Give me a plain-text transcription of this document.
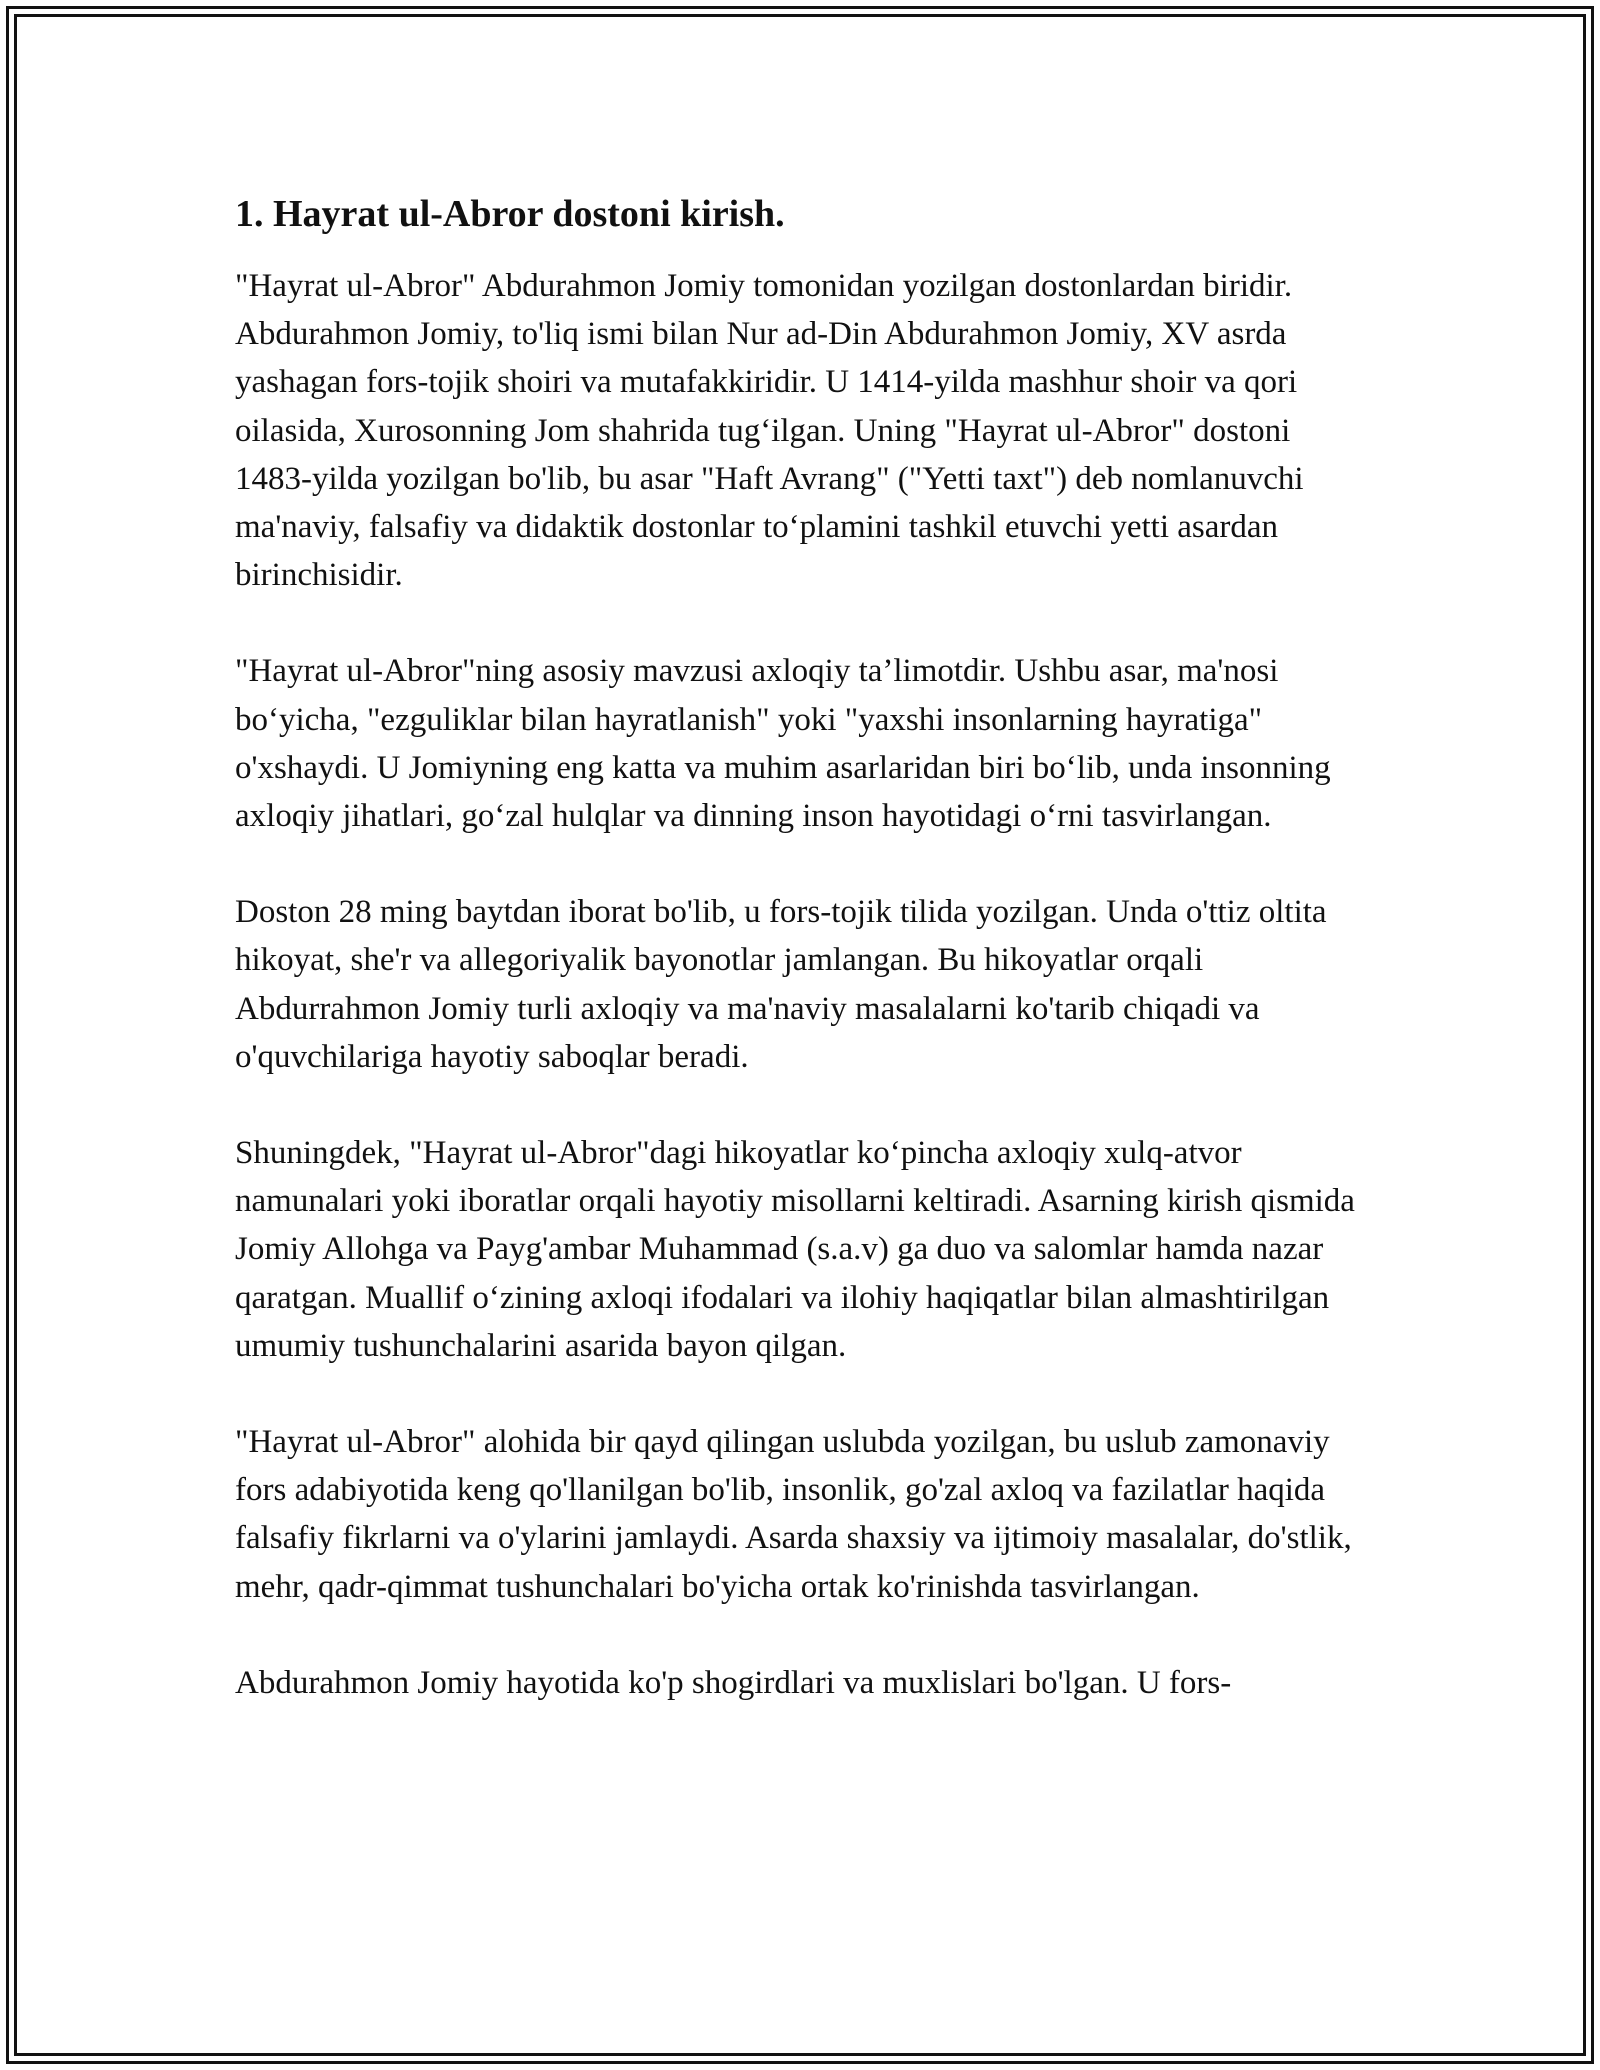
1. Hayrat ul-Abror dostoni kirish.

"Hayrat ul-Abror" Abdurahmon Jomiy tomonidan yozilgan dostonlardan biridir. Abdurahmon Jomiy, to'liq ismi bilan Nur ad-Din Abdurahmon Jomiy, XV asrda yashagan fors-tojik shoiri va mutafakkiridir. U 1414-yilda mashhur shoir va qori oilasida, Xurosonning Jom shahrida tugʻilgan. Uning "Hayrat ul-Abror" dostoni 1483-yilda yozilgan bo'lib, bu asar "Haft Avrang" ("Yetti taxt") deb nomlanuvchi ma'naviy, falsafiy va didaktik dostonlar toʻplamini tashkil etuvchi yetti asardan birinchisidir.

"Hayrat ul-Abror"ning asosiy mavzusi axloqiy ta’limotdir. Ushbu asar, ma'nosi boʻyicha, "ezguliklar bilan hayratlanish" yoki "yaxshi insonlarning hayratiga" o'xshaydi. U Jomiyning eng katta va muhim asarlaridan biri boʻlib, unda insonning axloqiy jihatlari, goʻzal hulqlar va dinning inson hayotidagi oʻrni tasvirlangan.

Doston 28 ming baytdan iborat bo'lib, u fors-tojik tilida yozilgan. Unda o'ttiz oltita hikoyat, she'r va allegoriyalik bayonotlar jamlangan. Bu hikoyatlar orqali Abdurrahmon Jomiy turli axloqiy va ma'naviy masalalarni ko'tarib chiqadi va o'quvchilariga hayotiy saboqlar beradi.

Shuningdek, "Hayrat ul-Abror"dagi hikoyatlar koʻpincha axloqiy xulq-atvor namunalari yoki iboratlar orqali hayotiy misollarni keltiradi. Asarning kirish qismida Jomiy Allohga va Payg'ambar Muhammad (s.a.v) ga duo va salomlar hamda nazar qaratgan. Muallif oʻzining axloqi ifodalari va ilohiy haqiqatlar bilan almashtirilgan umumiy tushunchalarini asarida bayon qilgan.

"Hayrat ul-Abror" alohida bir qayd qilingan uslubda yozilgan, bu uslub zamonaviy fors adabiyotida keng qo'llanilgan bo'lib, insonlik, go'zal axloq va fazilatlar haqida falsafiy fikrlarni va o'ylarini jamlaydi. Asarda shaxsiy va ijtimoiy masalalar, do'stlik, mehr, qadr-qimmat tushunchalari bo'yicha ortak ko'rinishda tasvirlangan.

Abdurahmon Jomiy hayotida ko'p shogirdlari va muxlislari bo'lgan. U fors-
